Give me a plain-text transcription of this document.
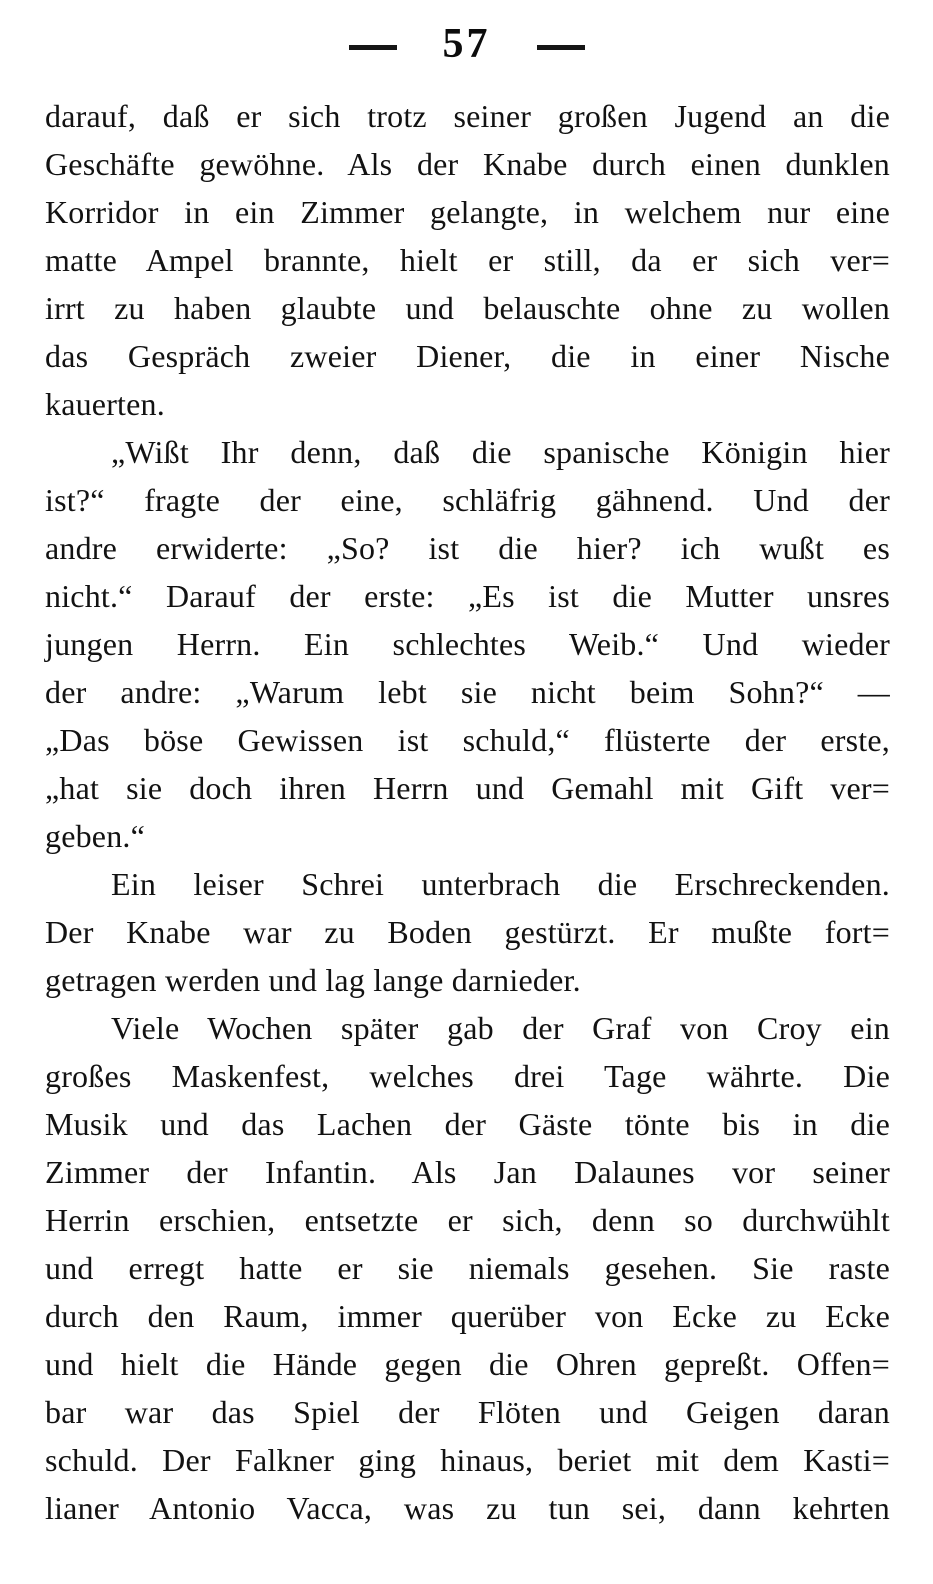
57
darauf, daß er sich trotz seiner großen Jugend an die
Geschäfte gewöhne. Als der Knabe durch einen dunklen
Korridor in ein Zimmer gelangte, in welchem nur eine
matte Ampel brannte, hielt er still, da er sich ver=
irrt zu haben glaubte und belauschte ohne zu wollen
das Gespräch zweier Diener, die in einer Nische
kauerten.
„Wißt Ihr denn, daß die spanische Königin hier
ist?“ fragte der eine, schläfrig gähnend. Und der
andre erwiderte: „So? ist die hier? ich wußt es
nicht.“ Darauf der erste: „Es ist die Mutter unsres
jungen Herrn. Ein schlechtes Weib.“ Und wieder
der andre: „Warum lebt sie nicht beim Sohn?“ —
„Das böse Gewissen ist schuld,“ flüsterte der erste,
„hat sie doch ihren Herrn und Gemahl mit Gift ver=
geben.“
Ein leiser Schrei unterbrach die Erschreckenden.
Der Knabe war zu Boden gestürzt. Er mußte fort=
getragen werden und lag lange darnieder.
Viele Wochen später gab der Graf von Croy ein
großes Maskenfest, welches drei Tage währte. Die
Musik und das Lachen der Gäste tönte bis in die
Zimmer der Infantin. Als Jan Dalaunes vor seiner
Herrin erschien, entsetzte er sich, denn so durchwühlt
und erregt hatte er sie niemals gesehen. Sie raste
durch den Raum, immer querüber von Ecke zu Ecke
und hielt die Hände gegen die Ohren gepreßt. Offen=
bar war das Spiel der Flöten und Geigen daran
schuld. Der Falkner ging hinaus, beriet mit dem Kasti=
lianer Antonio Vacca, was zu tun sei, dann kehrten
